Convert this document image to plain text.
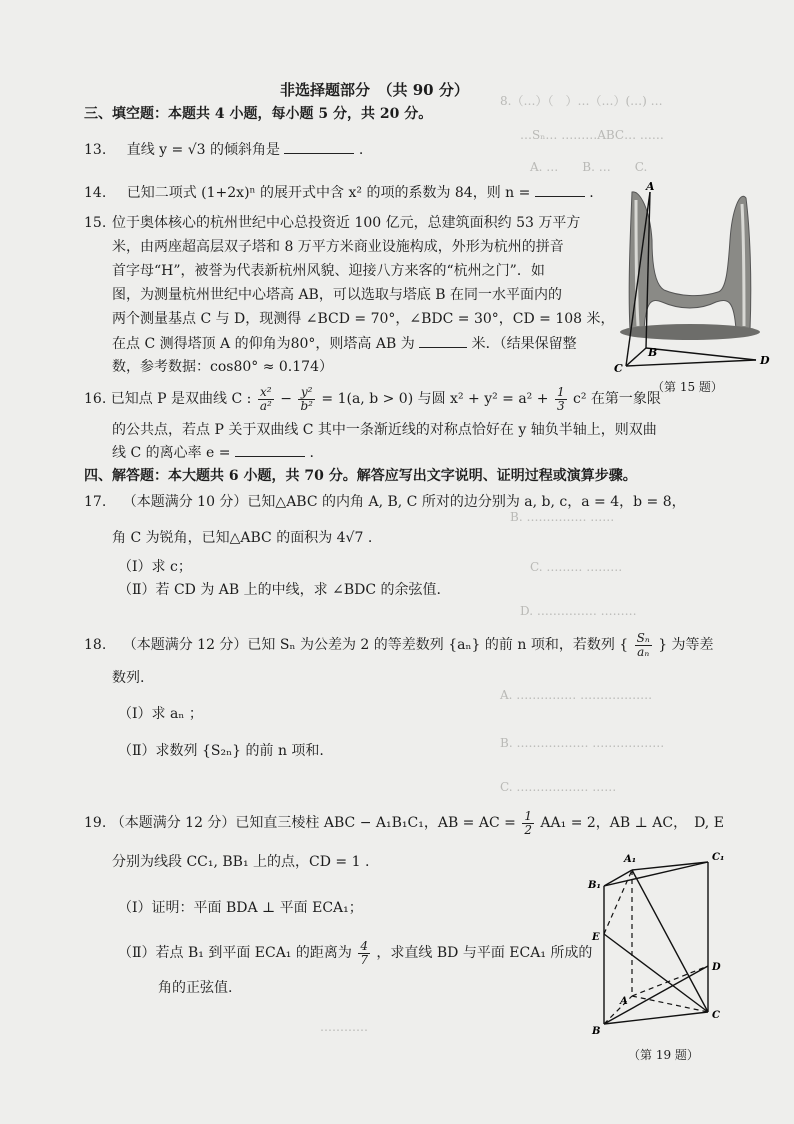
8.（…）（　）…（…）(…) …
…Sₙ… ………ABC… ……
A. …　　B. …　　C.
B. …………… ……
C. ……… ………
D. …………… ………
A. …………… ………………
B. ……………… ………………
C. ……………… ……
…………
非选择题部分　（共 90 分）
三、填空题：本题共 4 小题，每小题 5 分，共 20 分。
13. 直线 y = √3 的倾斜角是	.
14. 已知二项式 (1+2x)ⁿ 的展开式中含 x² 的项的系数为 84，则 n =	.
15. 位于奥体核心的杭州世纪中心总投资近 100 亿元，总建筑面积约 53 万平方
米，由两座超高层双子塔和 8 万平方米商业设施构成，外形为杭州的拼音
首字母“H”，被誉为代表新杭州风貌、迎接八方来客的“杭州之门”．如
图，为测量杭州世纪中心塔高 AB，可以选取与塔底 B 在同一水平面内的
两个测量基点 C 与 D，现测得 ∠BCD = 70°，∠BDC = 30°，CD = 108 米，
在点 C 测得塔顶 A 的仰角为80°，则塔高 AB 为	米．（结果保留整
数，参考数据：cos80° ≈ 0.174）
A
B
C
D
（第 15 题）
16. 已知点 P 是双曲线 C : $\frac{\text{x²}}{\text{a²}} - \frac{\text{y²}}{\text{b²}} = 1(a$, b > 0) 与圆 $x^2 + y^2 = a^2 + \frac{1}{3} c^2$ 在第一象限
的公共点，若点 P 关于双曲线 C 其中一条渐近线的对称点恰好在 y 轴负半轴上，则双曲
线 C 的离心率 e =	.
四、解答题：本大题共 6 小题，共 70 分。解答应写出文字说明、证明过程或演算步骤。
17. （本题满分 10 分）已知△ABC 的内角 A, B, C 所对的边分别为 a, b, c，a = 4，b = 8，
角 C 为锐角，已知△ABC 的面积为 4√7 .
（Ⅰ）求 c；
（Ⅱ）若 CD 为 AB 上的中线，求 ∠BDC 的余弦值.
18. （本题满分 12 分）已知 Sₙ 为公差为 2 的等差数列 {aₙ} 的前 n 项和，若数列 { $\frac{\text{Sₙ}}{\text{aₙ}}$ } 为等差
数列.
（Ⅰ）求 aₙ ；
（Ⅱ）求数列 {S₂ₙ} 的前 n 项和.
19. （本题满分 12 分）已知直三棱柱 ABC − A₁B₁C₁，AB = AC = $\frac{1}{2} AA_1 = 2$，AB ⊥ AC，　D, E
分别为线段 CC₁, BB₁ 上的点，CD = 1 .
（Ⅰ）证明：平面 BDA ⊥ 平面 ECA₁；
（Ⅱ）若点 B₁ 到平面 ECA₁ 的距离为 $\frac{4}{7}$ ，求直线 BD 与平面 ECA₁ 所成的
角的正弦值.
A₁	C₁
B₁
E
D
A
B
C
（第 19 题）
